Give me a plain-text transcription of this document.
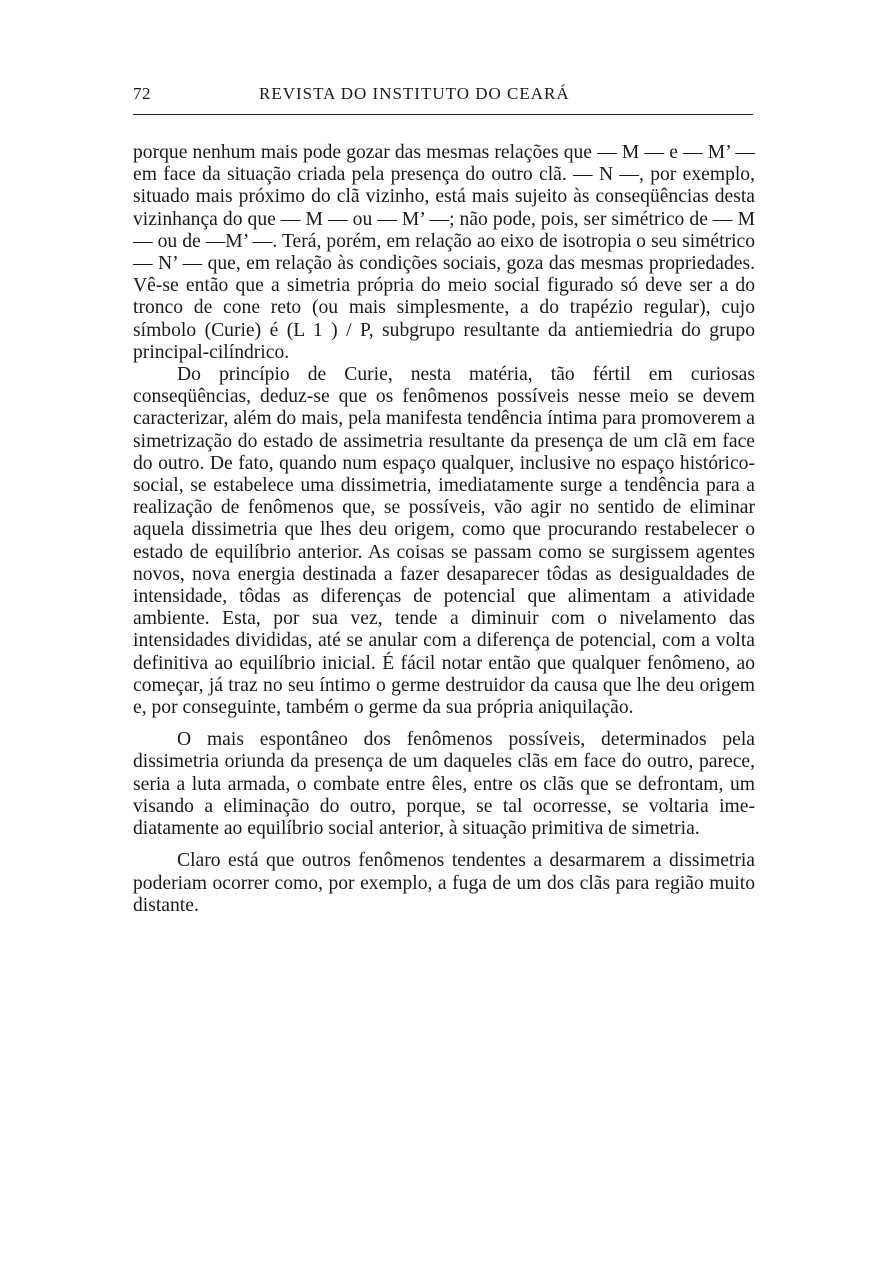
72	REVISTA DO INSTITUTO DO CEARÁ

porque nenhum mais pode gozar das mesmas relações que — M — e — M’ — em face da situação criada pela presença do outro clã. — N —, por exemplo, situado mais próximo do clã vizinho, está mais sujeito às conseqüências desta vizinhança do que — M — ou — M’ —; não pode, pois, ser simétrico de — M — ou de —M’ —. Terá, porém, em relação ao eixo de isotropia o seu simétrico — N’ — que, em relação às condições sociais, goza das mesmas propriedades. Vê-se então que a simetria própria do meio social figurado só deve ser a do tronco de cone reto (ou mais simplesmente, a do trapézio regular), cujo símbolo (Curie) é (L 1 ) / P, subgrupo resultante da antiemiedria do grupo principal-cilíndrico.

Do princípio de Curie, nesta matéria, tão fértil em curiosas conseqüências, deduz-se que os fenômenos possíveis nesse meio se devem caracterizar, além do mais, pela manifesta tendência íntima para promoverem a simetrização do estado de assimetria resultante da presença de um clã em face do outro. De fato, quando num espaço qualquer, inclusive no espaço histórico-social, se estabelece uma dissimetria, imediatamente surge a tendência para a realização de fenômenos que, se possíveis, vão agir no sentido de eliminar aquela dissimetria que lhes deu origem, como que procurando restabelecer o estado de equilíbrio anterior. As coisas se passam como se surgissem agentes novos, nova energia destinada a fazer desaparecer tôdas as desigualdades de intensidade, tôdas as diferenças de potencial que alimentam a atividade ambiente. Esta, por sua vez, tende a diminuir com o nivelamento das intensidades divididas, até se anular com a diferença de potencial, com a volta definitiva ao equilíbrio inicial. É fácil notar então que qualquer fenômeno, ao começar, já traz no seu íntimo o germe destruidor da causa que lhe deu origem e, por conseguinte, também o germe da sua própria aniquilação.

O mais espontâneo dos fenômenos possíveis, determinados pela dissimetria oriunda da presença de um daqueles clãs em face do outro, parece, seria a luta armada, o combate entre êles, entre os clãs que se defrontam, um visando a eliminação do outro, porque, se tal ocorresse, se voltaria imediatamente ao equilíbrio social anterior, à situação primitiva de simetria.

Claro está que outros fenômenos tendentes a desarmarem a dissimetria poderiam ocorrer como, por exemplo, a fuga de um dos clãs para região muito distante.
